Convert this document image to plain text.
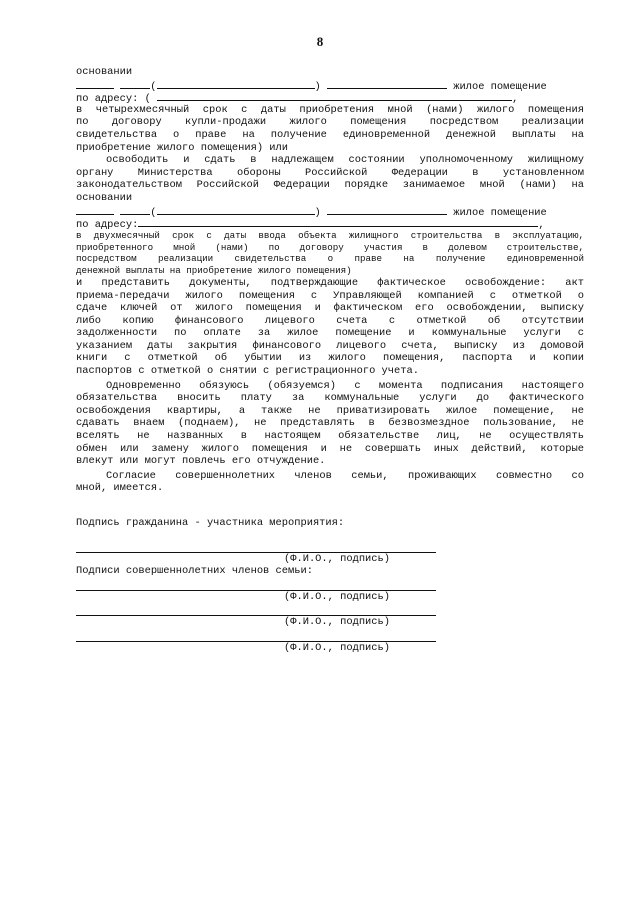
8
основании
(	)	жилое помещение
по адресу: (	,
в четырехмесячный срок с даты приобретения мной (нами) жилого помещения
по договору купли-продажи жилого помещения посредством реализации
свидетельства о праве на получение единовременной денежной выплаты на
приобретение жилого помещения) или
освободить и сдать в надлежащем состоянии уполномоченному жилищному
органу Министерства обороны Российской Федерации в установленном
законодательством Российской Федерации порядке занимаемое мной (нами) на
основании
(	)	жилое помещение
по адресу:	,
в двухмесячный срок с даты ввода объекта жилищного строительства в эксплуатацию,
приобретенного мной (нами) по договору участия в долевом строительстве,
посредством реализации свидетельства о праве на получение единовременной
денежной выплаты на приобретение жилого помещения)
и представить документы, подтверждающие фактическое освобождение: акт
приема-передачи жилого помещения с Управляющей компанией с отметкой о
сдаче ключей от жилого помещения и фактическом его освобождении, выписку
либо копию финансового лицевого счета с отметкой об отсутствии
задолженности по оплате за жилое помещение и коммунальные услуги с
указанием даты закрытия финансового лицевого счета, выписку из домовой
книги с отметкой об убытии из жилого помещения, паспорта и копии
паспортов с отметкой о снятии с регистрационного учета.
Одновременно обязуюсь (обязуемся) с момента подписания настоящего
обязательства вносить плату за коммунальные услуги до фактического
освобождения квартиры, а также не приватизировать жилое помещение, не
сдавать внаем (поднаем), не представлять в безвозмездное пользование, не
вселять не названных в настоящем обязательстве лиц, не осуществлять
обмен или замену жилого помещения и не совершать иных действий, которые
влекут или могут повлечь его отчуждение.
Согласие совершеннолетних членов семьи, проживающих совместно со
мной, имеется.
Подпись гражданина - участника мероприятия:
(Ф.И.О., подпись)
Подписи совершеннолетних членов семьи:
(Ф.И.О., подпись)
(Ф.И.О., подпись)
(Ф.И.О., подпись)
